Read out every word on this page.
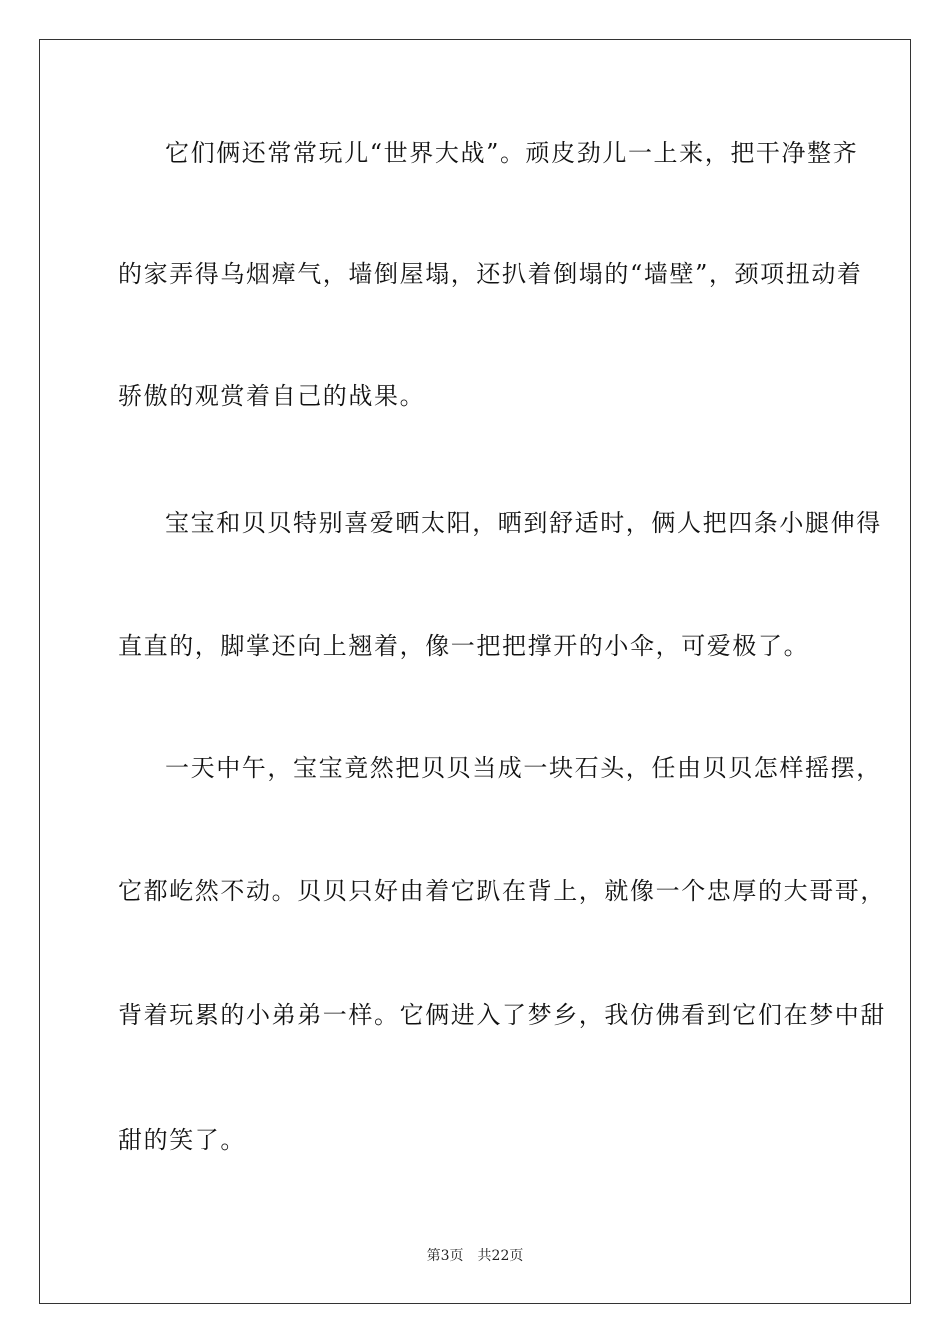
它们俩还常常玩儿“世界大战”。顽皮劲儿一上来，把干净整齐
的家弄得乌烟瘴气，墙倒屋塌，还扒着倒塌的“墙壁”，颈项扭动着
骄傲的观赏着自己的战果。
宝宝和贝贝特别喜爱晒太阳，晒到舒适时，俩人把四条小腿伸得
直直的，脚掌还向上翘着，像一把把撑开的小伞，可爱极了。
一天中午，宝宝竟然把贝贝当成一块石头，任由贝贝怎样摇摆，
它都屹然不动。贝贝只好由着它趴在背上，就像一个忠厚的大哥哥，
背着玩累的小弟弟一样。它俩进入了梦乡，我仿佛看到它们在梦中甜
甜的笑了。
第3页 共22页
